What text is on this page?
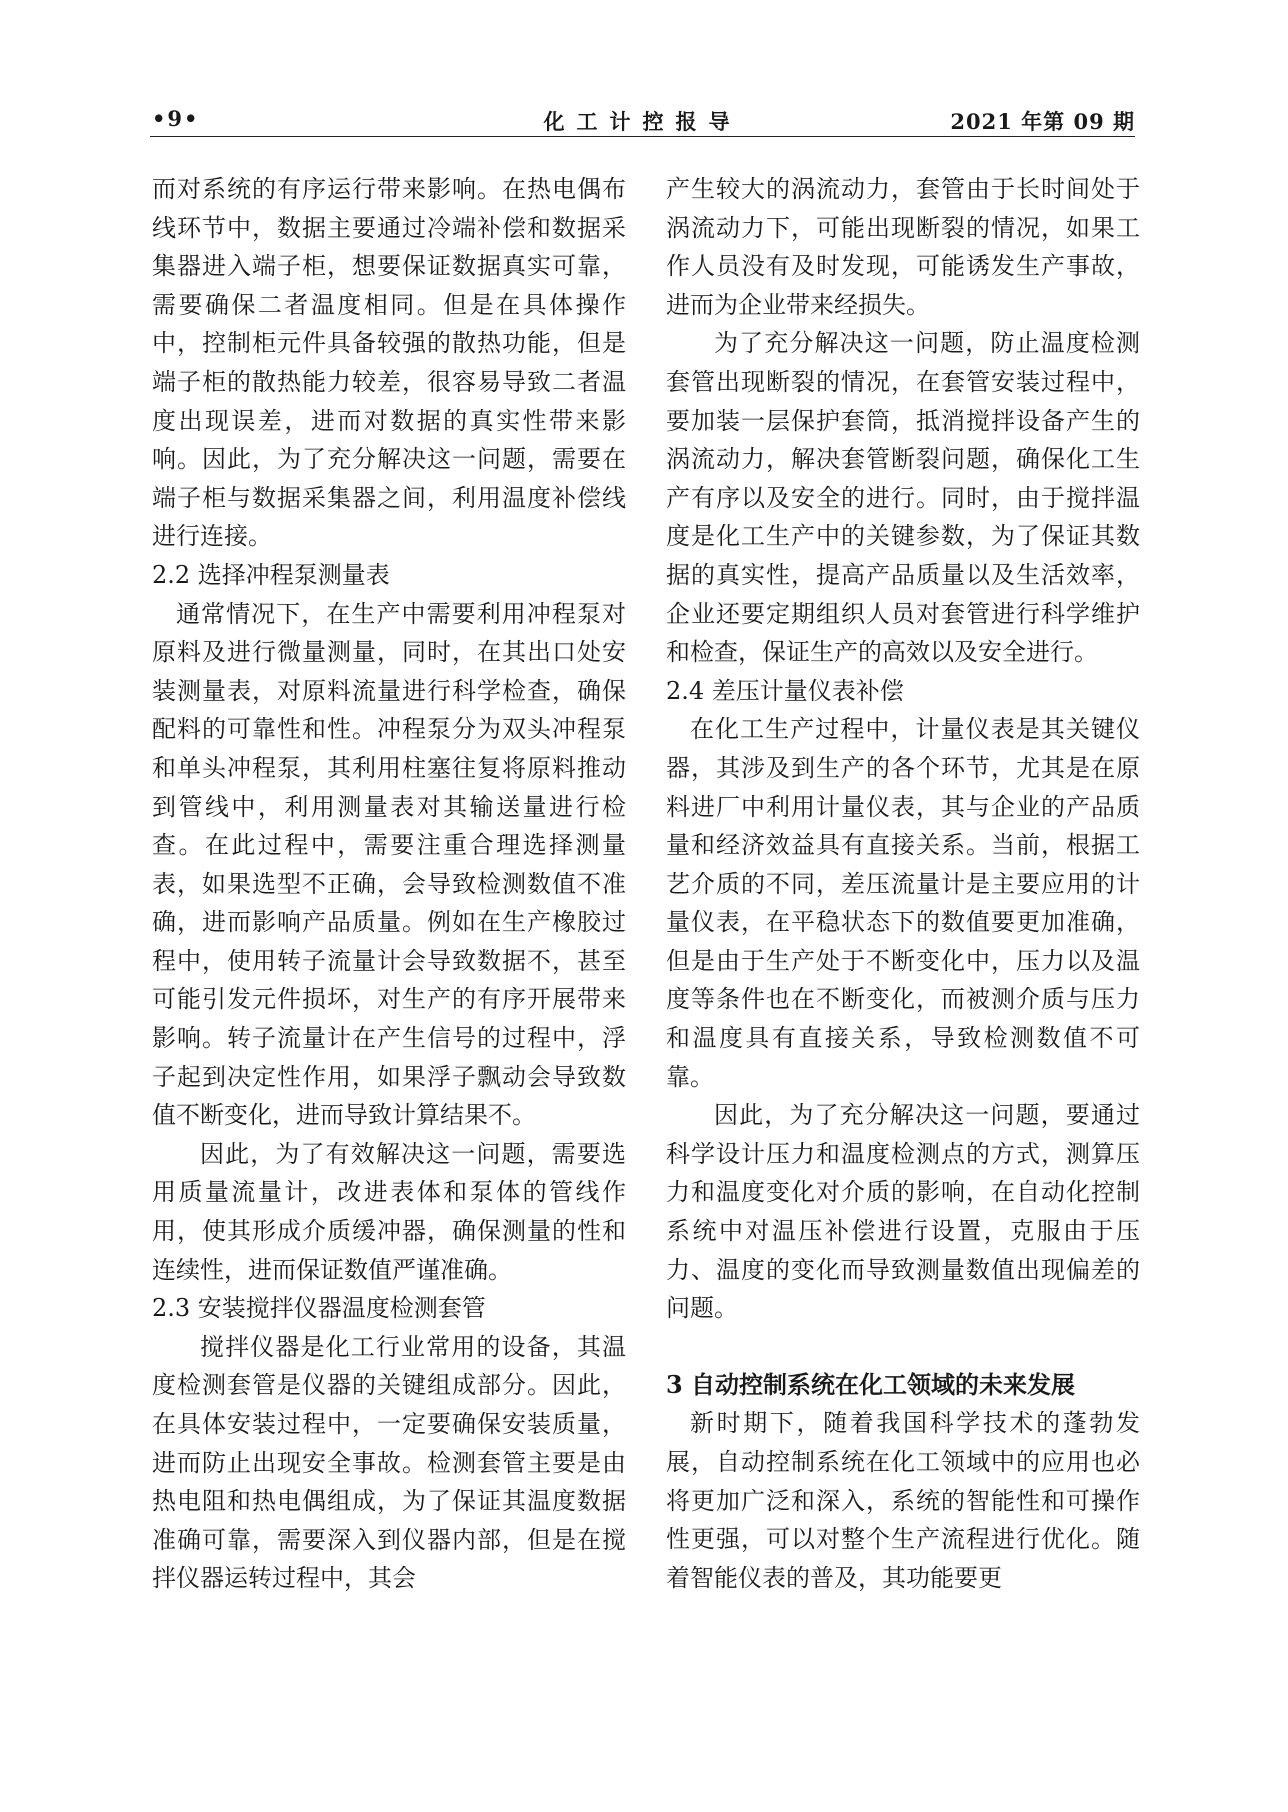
•9•	化工计控报导	2021 年第 09 期

而对系统的有序运行带来影响。在热电偶布线环节中，数据主要通过冷端补偿和数据采集器进入端子柜，想要保证数据真实可靠，需要确保二者温度相同。但是在具体操作中，控制柜元件具备较强的散热功能，但是端子柜的散热能力较差，很容易导致二者温度出现误差，进而对数据的真实性带来影响。因此，为了充分解决这一问题，需要在端子柜与数据采集器之间，利用温度补偿线进行连接。

2.2 选择冲程泵测量表

通常情况下，在生产中需要利用冲程泵对原料及进行微量测量，同时，在其出口处安装测量表，对原料流量进行科学检查，确保配料的可靠性和性。冲程泵分为双头冲程泵和单头冲程泵，其利用柱塞往复将原料推动到管线中，利用测量表对其输送量进行检查。在此过程中，需要注重合理选择测量表，如果选型不正确，会导致检测数值不准确，进而影响产品质量。例如在生产橡胶过程中，使用转子流量计会导致数据不，甚至可能引发元件损坏，对生产的有序开展带来影响。转子流量计在产生信号的过程中，浮子起到决定性作用，如果浮子飘动会导致数值不断变化，进而导致计算结果不。

因此，为了有效解决这一问题，需要选用质量流量计，改进表体和泵体的管线作用，使其形成介质缓冲器，确保测量的性和连续性，进而保证数值严谨准确。

2.3 安装搅拌仪器温度检测套管

搅拌仪器是化工行业常用的设备，其温度检测套管是仪器的关键组成部分。因此，在具体安装过程中，一定要确保安装质量，进而防止出现安全事故。检测套管主要是由热电阻和热电偶组成，为了保证其温度数据准确可靠，需要深入到仪器内部，但是在搅拌仪器运转过程中，其会

产生较大的涡流动力，套管由于长时间处于涡流动力下，可能出现断裂的情况，如果工作人员没有及时发现，可能诱发生产事故，进而为企业带来经损失。

为了充分解决这一问题，防止温度检测套管出现断裂的情况，在套管安装过程中，要加装一层保护套筒，抵消搅拌设备产生的涡流动力，解决套管断裂问题，确保化工生产有序以及安全的进行。同时，由于搅拌温度是化工生产中的关键参数，为了保证其数据的真实性，提高产品质量以及生活效率，企业还要定期组织人员对套管进行科学维护和检查，保证生产的高效以及安全进行。

2.4 差压计量仪表补偿

在化工生产过程中，计量仪表是其关键仪器，其涉及到生产的各个环节，尤其是在原料进厂中利用计量仪表，其与企业的产品质量和经济效益具有直接关系。当前，根据工艺介质的不同，差压流量计是主要应用的计量仪表，在平稳状态下的数值要更加准确，但是由于生产处于不断变化中，压力以及温度等条件也在不断变化，而被测介质与压力和温度具有直接关系，导致检测数值不可靠。

因此，为了充分解决这一问题，要通过科学设计压力和温度检测点的方式，测算压力和温度变化对介质的影响，在自动化控制系统中对温压补偿进行设置，克服由于压力、温度的变化而导致测量数值出现偏差的问题。

3 自动控制系统在化工领域的未来发展

新时期下，随着我国科学技术的蓬勃发展，自动控制系统在化工领域中的应用也必将更加广泛和深入，系统的智能性和可操作性更强，可以对整个生产流程进行优化。随着智能仪表的普及，其功能要更
